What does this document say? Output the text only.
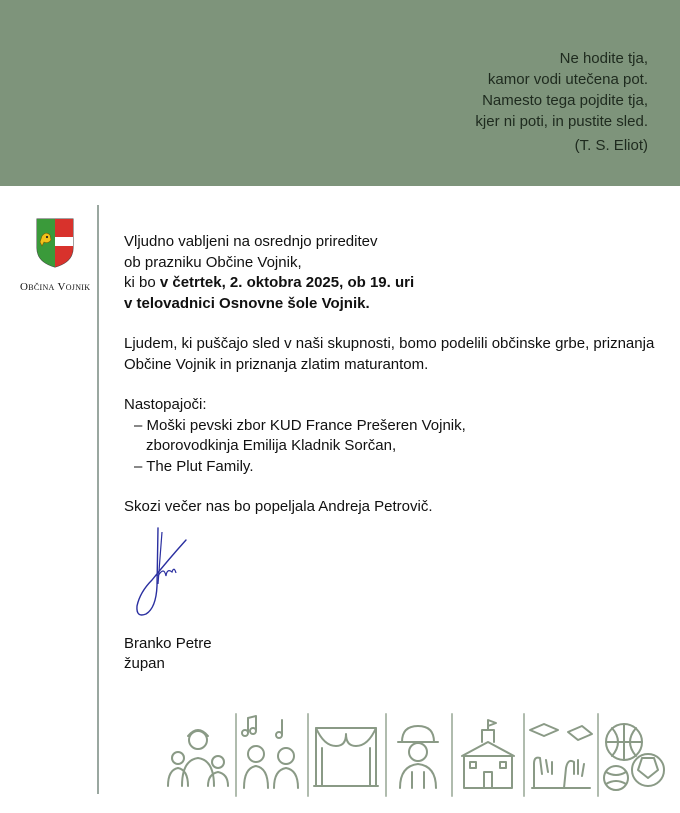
Ne hodite tja,
kamor vodi utečena pot.
Namesto tega pojdite tja,
kjer ni poti, in pustite sled.
(T. S. Eliot)
Občina Vojnik

Vljudno vabljeni na osrednjo prireditev

ob prazniku Občine Vojnik,

ki bo v četrtek, 2. oktobra 2025, ob 19. uri

v telovadnici Osnovne šole Vojnik.

Ljudem, ki puščajo sled v naši skupnosti, bomo podelili občinske grbe, priznanja Občine Vojnik in priznanja zlatim maturantom.

Nastopajoči:

– Moški pevski zbor KUD France Prešeren Vojnik,

zborovodkinja Emilija Kladnik Sorčan,

– The Plut Family.

Skozi večer nas bo popeljala Andreja Petrovič.

Branko Petre
župan
